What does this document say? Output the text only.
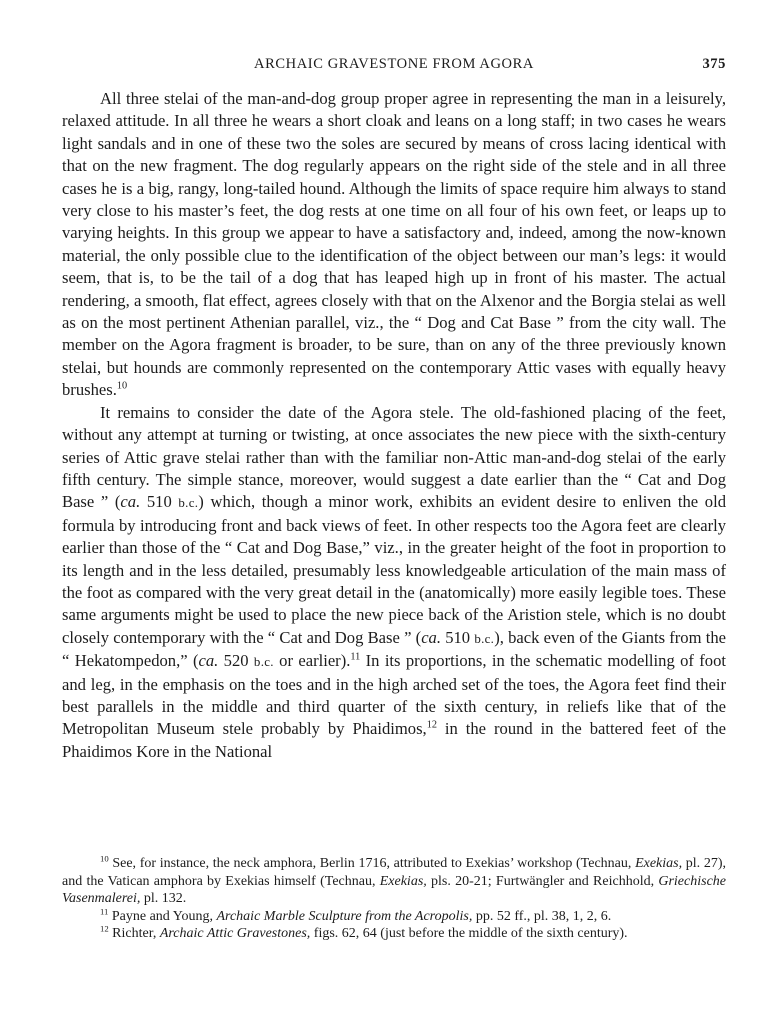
ARCHAIC GRAVESTONE FROM AGORA	375

All three stelai of the man-and-dog group proper agree in representing the man in a leisurely, relaxed attitude. In all three he wears a short cloak and leans on a long staff; in two cases he wears light sandals and in one of these two the soles are secured by means of cross lacing identical with that on the new fragment. The dog regularly appears on the right side of the stele and in all three cases he is a big, rangy, long-tailed hound. Although the limits of space require him always to stand very close to his master’s feet, the dog rests at one time on all four of his own feet, or leaps up to varying heights. In this group we appear to have a satisfactory and, indeed, among the now-known material, the only possible clue to the identification of the object between our man’s legs: it would seem, that is, to be the tail of a dog that has leaped high up in front of his master. The actual rendering, a smooth, flat effect, agrees closely with that on the Alxenor and the Borgia stelai as well as on the most pertinent Athenian parallel, viz., the “ Dog and Cat Base ” from the city wall. The member on the Agora fragment is broader, to be sure, than on any of the three previously known stelai, but hounds are commonly represented on the contemporary Attic vases with equally heavy brushes.$^{10}$

It remains to consider the date of the Agora stele. The old-fashioned placing of the feet, without any attempt at turning or twisting, at once associates the new piece with the sixth-century series of Attic grave stelai rather than with the familiar non-Attic man-and-dog stelai of the early fifth century. The simple stance, moreover, would suggest a date earlier than the “ Cat and Dog Base ” (ca. 510 b.c.) which, though a minor work, exhibits an evident desire to enliven the old formula by introducing front and back views of feet. In other respects too the Agora feet are clearly earlier than those of the “ Cat and Dog Base,” viz., in the greater height of the foot in proportion to its length and in the less detailed, presumably less knowledgeable articulation of the main mass of the foot as compared with the very great detail in the (anatomically) more easily legible toes. These same arguments might be used to place the new piece back of the Aristion stele, which is no doubt closely contemporary with the “ Cat and Dog Base ” (ca. 510 b.c.), back even of the Giants from the “ Hekatompedon,” (ca. 520 b.c. or earlier).$^{11}$ In its proportions, in the schematic modelling of foot and leg, in the emphasis on the toes and in the high arched set of the toes, the Agora feet find their best parallels in the middle and third quarter of the sixth century, in reliefs like that of the Metropolitan Museum stele probably by Phaidimos,$^{12}$ in the round in the battered feet of the Phaidimos Kore in the National

$^{10}$ See, for instance, the neck amphora, Berlin 1716, attributed to Exekias’ workshop (Technau, Exekias, pl. 27), and the Vatican amphora by Exekias himself (Technau, Exekias, pls. 20-21; Furtwängler and Reichhold, Griechische Vasenmalerei, pl. 132.

$^{11}$ Payne and Young, Archaic Marble Sculpture from the Acropolis, pp. 52 ff., pl. 38, 1, 2, 6.

$^{12}$ Richter, Archaic Attic Gravestones, figs. 62, 64 (just before the middle of the sixth century).
